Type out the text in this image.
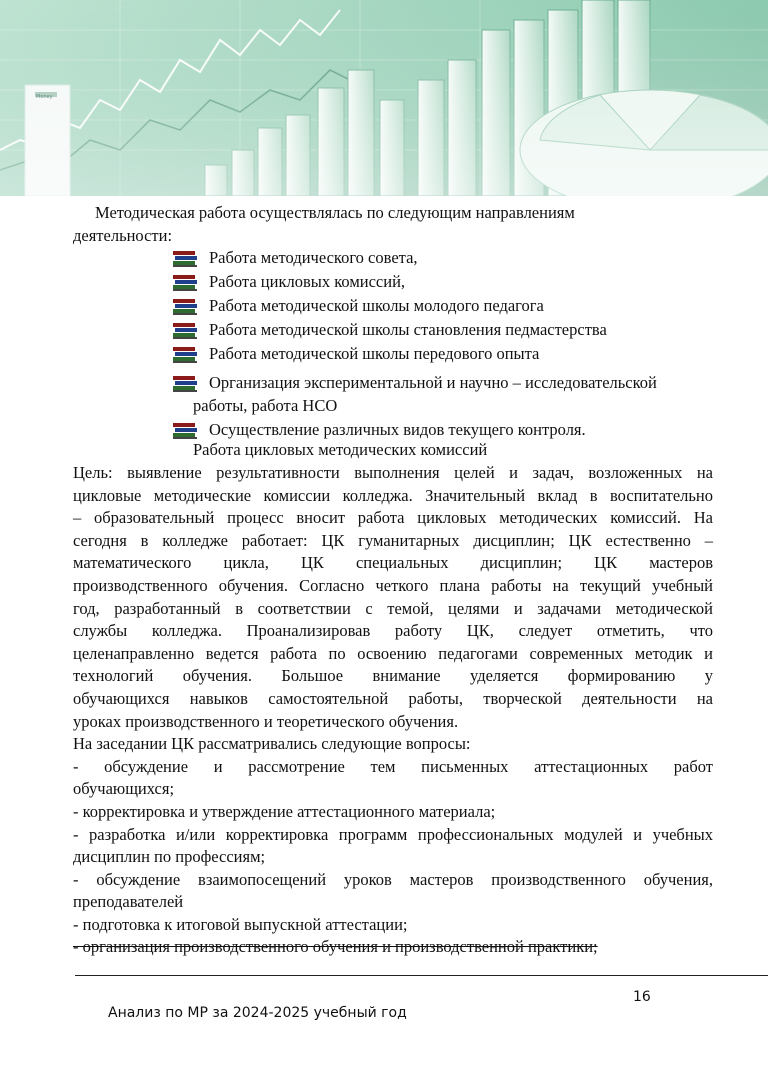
Money
Методическая работа осуществлялась по следующим направлениям
деятельности:
Работа методического совета,
Работа цикловых комиссий,
Работа методической школы молодого педагога
Работа методической школы становления педмастерства
Работа методической школы передового опыта
Организация экспериментальной и научно – исследовательской
работы, работа НСО
Осуществление различных видов текущего контроля.
Работа цикловых методических комиссий

Цель: выявление результативности выполнения целей и задач, возложенных на

цикловые методические комиссии колледжа. Значительный вклад в воспитательно

– образовательный процесс вносит работа цикловых методических комиссий. На

сегодня в колледже работает: ЦК гуманитарных дисциплин; ЦК естественно –

математического цикла, ЦК специальных дисциплин; ЦК мастеров

производственного обучения. Согласно четкого плана работы на текущий учебный

год, разработанный в соответствии с темой, целями и задачами методической

службы колледжа. Проанализировав работу ЦК, следует отметить, что

целенаправленно ведется работа по освоению педагогами современных методик и

технологий обучения. Большое внимание уделяется формированию у

обучающихся навыков самостоятельной работы, творческой деятельности на

уроках производственного и теоретического обучения.

На заседании ЦК рассматривались следующие вопросы:

- обсуждение и рассмотрение тем письменных аттестационных работ

обучающихся;

- корректировка и утверждение аттестационного материала;

- разработка и/или корректировка программ профессиональных модулей и учебных

дисциплин по профессиям;

- обсуждение взаимопосещений уроков мастеров производственного обучения,

преподавателей

- подготовка к итоговой выпускной аттестации;

- организация производственного обучения и производственной практики;

16
Анализ по МР за 2024-2025 учебный год
